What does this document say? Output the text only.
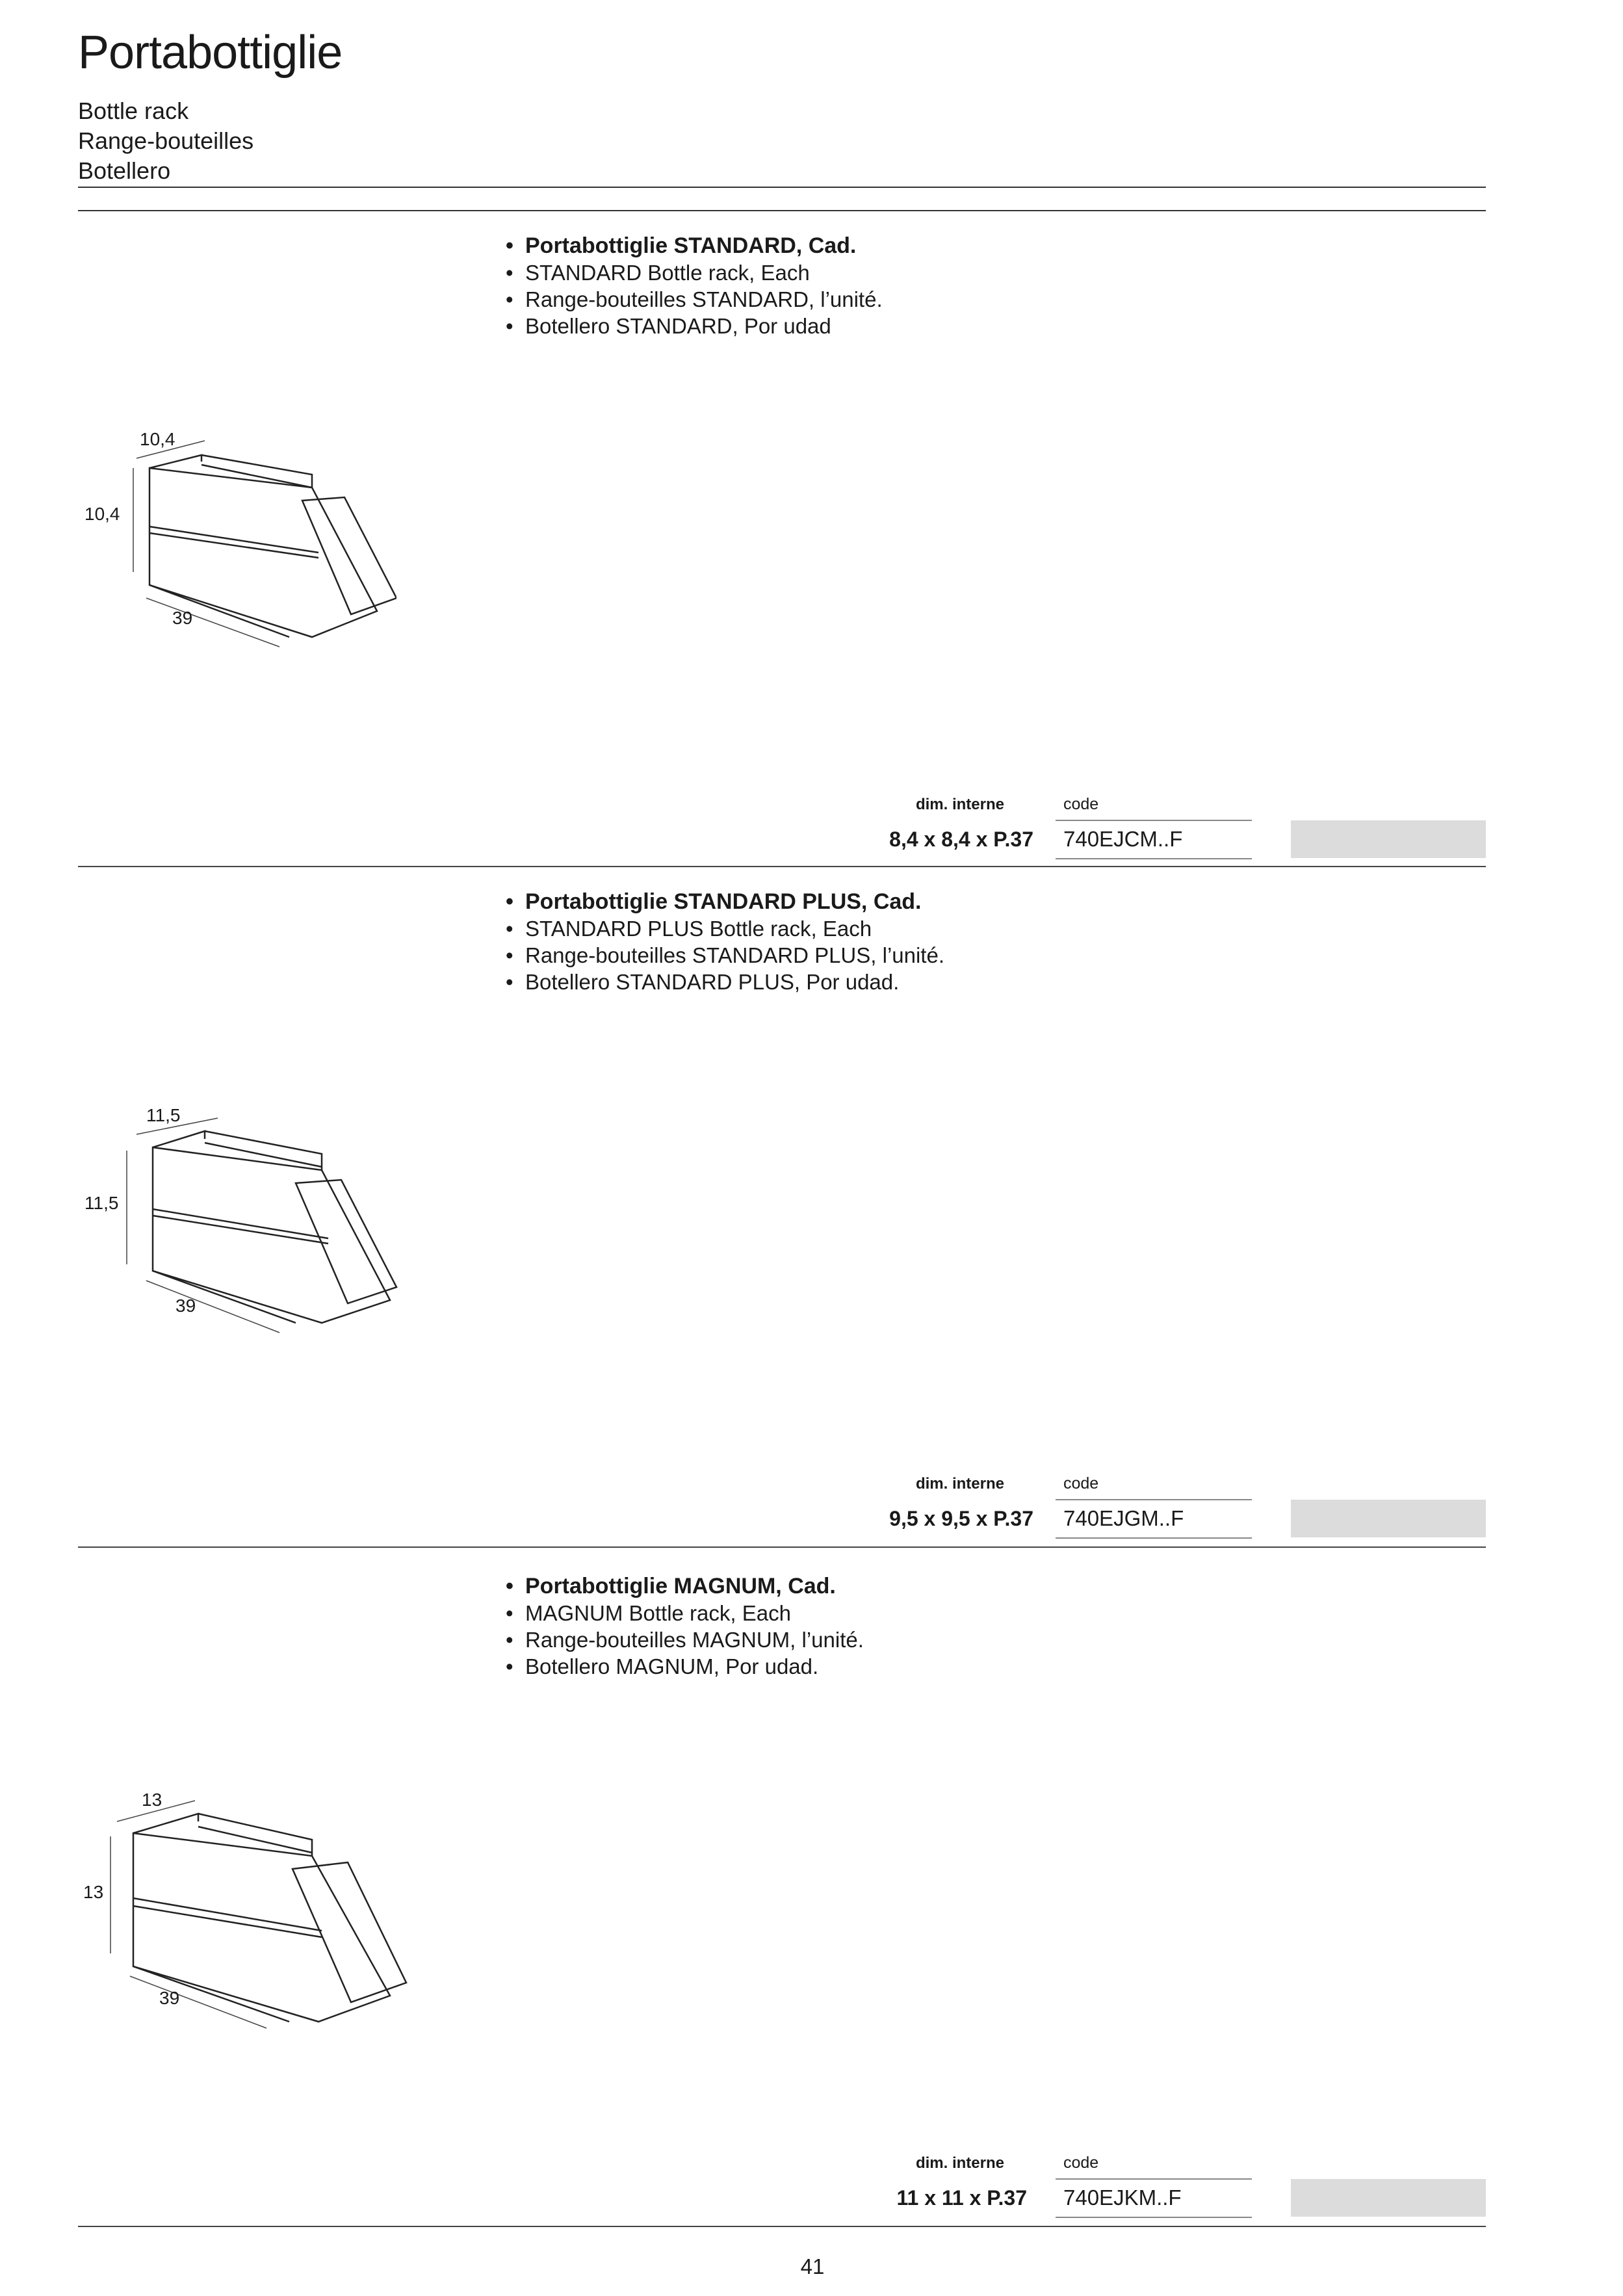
Portabottiglie
Bottle rack
Range-bouteilles
Botellero
• Portabottiglie STANDARD, Cad.
• STANDARD Bottle rack, Each
• Range-bouteilles STANDARD, l’unité.
• Botellero STANDARD, Por udad
10,4
10,4
39
dim. interne	code
8,4 x 8,4 x P.37 740EJCM..F
• Portabottiglie STANDARD PLUS, Cad.
• STANDARD PLUS Bottle rack, Each
• Range-bouteilles STANDARD PLUS, l’unité.
• Botellero STANDARD PLUS, Por udad.
11,5
11,5
39
dim. interne	code
9,5 x 9,5 x P.37 740EJGM..F
• Portabottiglie MAGNUM, Cad.
• MAGNUM Bottle rack, Each
• Range-bouteilles MAGNUM, l’unité.
• Botellero MAGNUM, Por udad.
13
13
39
dim. interne	code
11 x 11 x P.37 740EJKM..F
41
